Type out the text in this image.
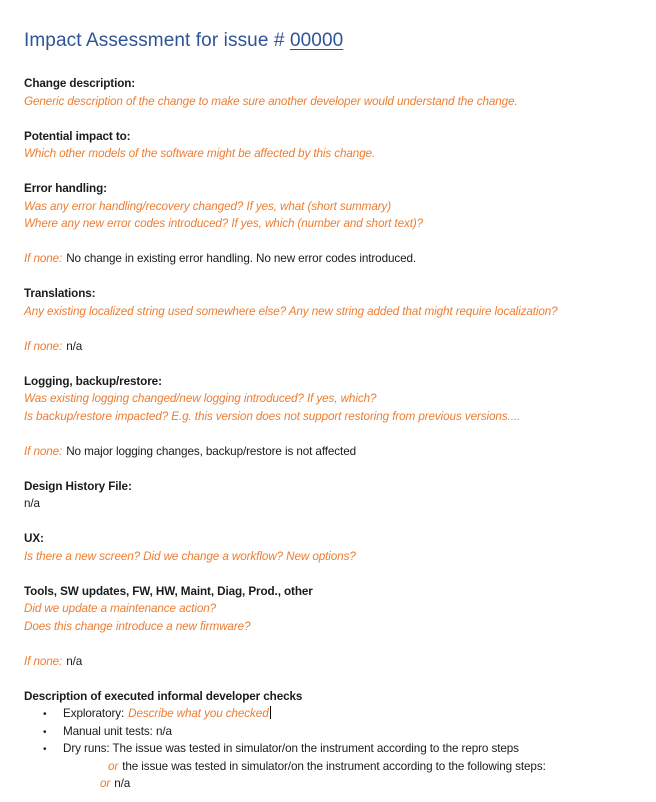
Impact Assessment for issue # 00000
Change description:
Generic description of the change to make sure another developer would understand the change.
Potential impact to:
Which other models of the software might be affected by this change.
Error handling:
Was any error handling/recovery changed? If yes, what (short summary)
Where any new error codes introduced? If yes, which (number and short text)?
If none: No change in existing error handling. No new error codes introduced.
Translations:
Any existing localized string used somewhere else? Any new string added that might require localization?
If none: n/a
Logging, backup/restore:
Was existing logging changed/new logging introduced? If yes, which?
Is backup/restore impacted? E.g. this version does not support restoring from previous versions....
If none: No major logging changes, backup/restore is not affected
Design History File:
n/a
UX:
Is there a new screen? Did we change a workflow? New options?
Tools, SW updates, FW, HW, Maint, Diag, Prod., other
Did we update a maintenance action?
Does this change introduce a new firmware?
If none: n/a
Description of executed informal developer checks
• Exploratory: Describe what you checked
• Manual unit tests: n/a
• Dry runs: The issue was tested in simulator/on the instrument according to the repro steps
or the issue was tested in simulator/on the instrument according to the following steps:
or n/a
